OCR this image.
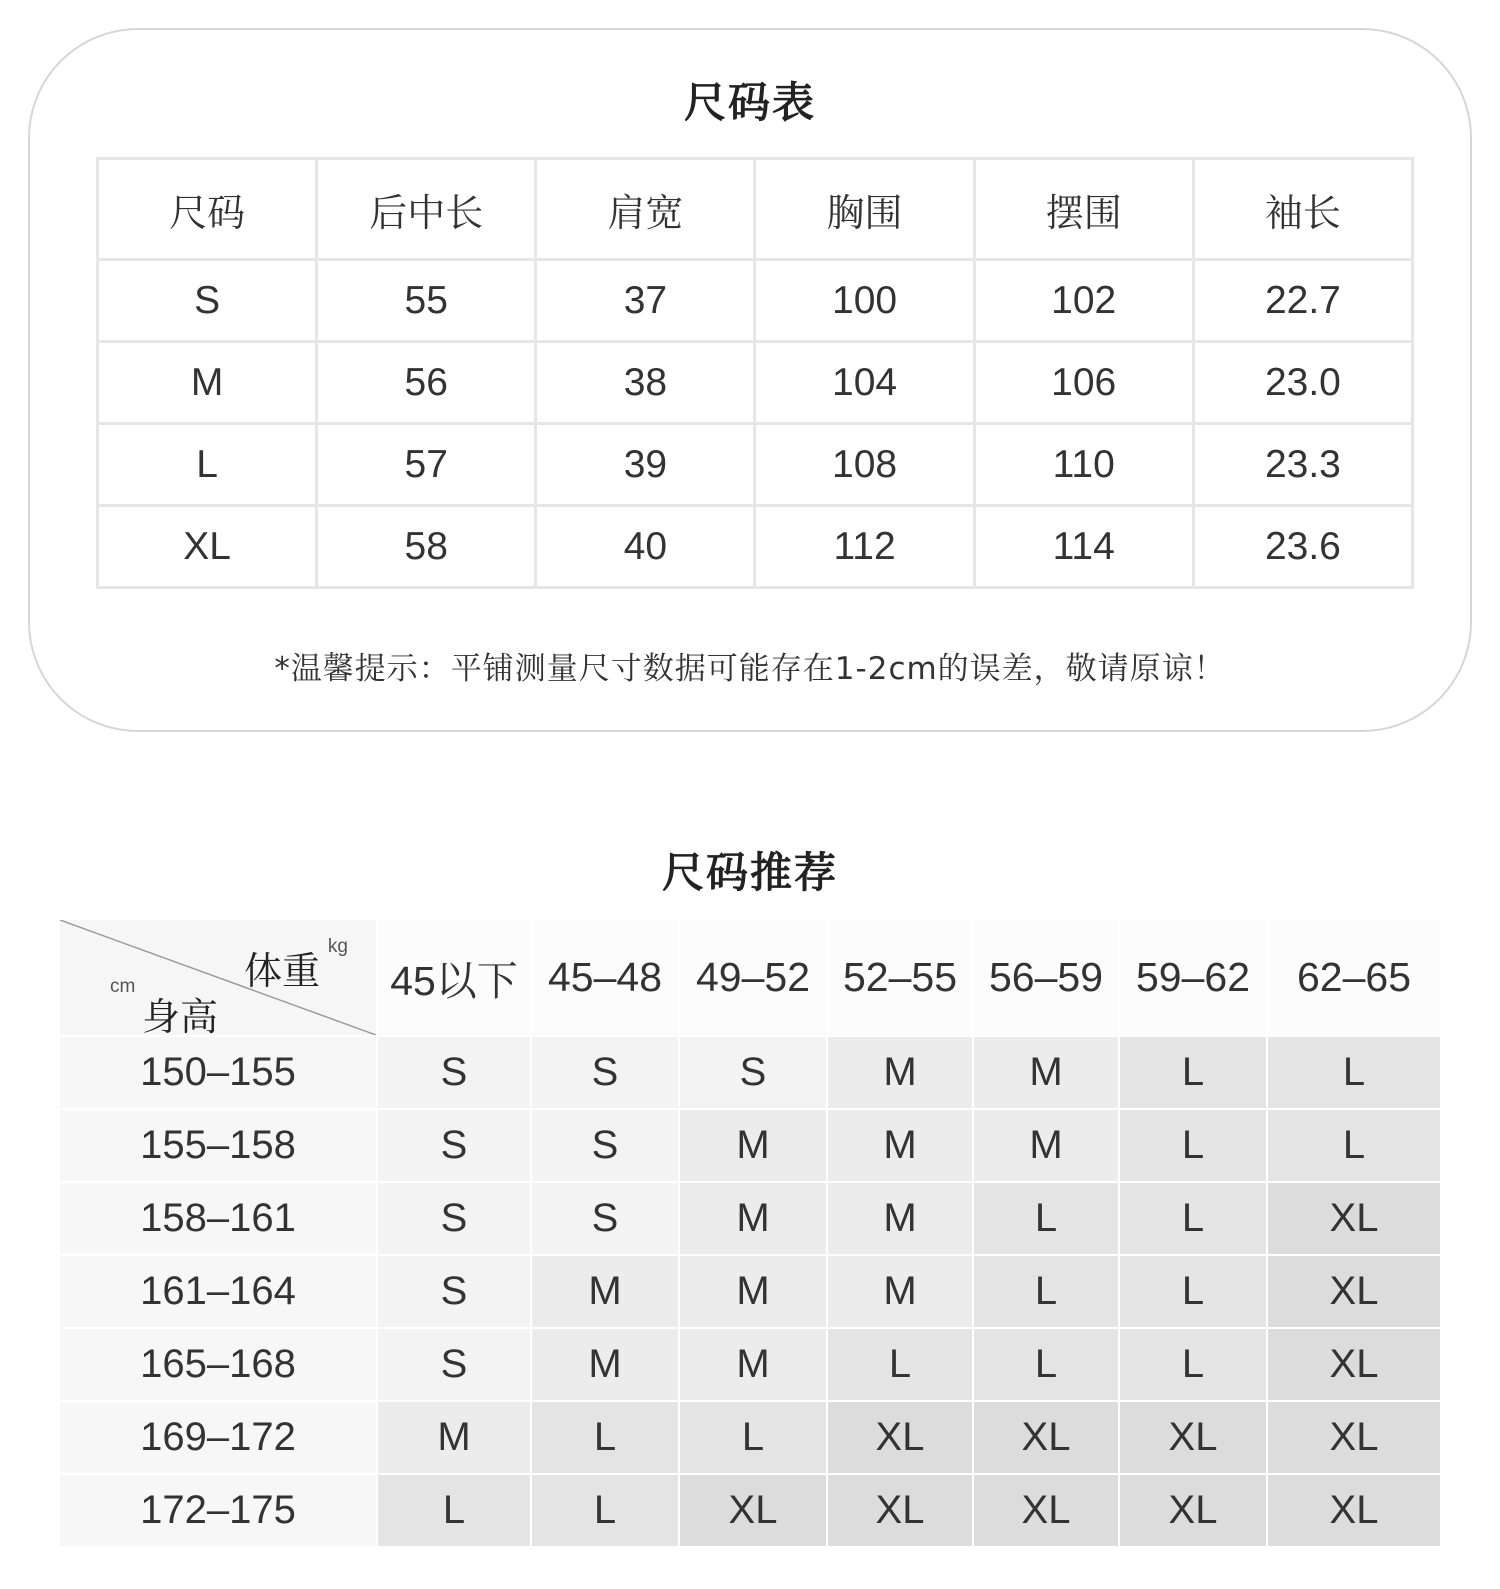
尺码表
尺码	后中长	肩宽	胸围	摆围	袖长
S	55	37	100	102	22.7
M	56	38	104	106	23.0
L	57	39	108	110	23.3
XL	58	40	112	114	23.6
*温馨提示：平铺测量尺寸数据可能存在1-2cm的误差，敬请原谅！
尺码推荐
体重
kg
cm
身高	45以下	45–48	49–52	52–55	56–59	59–62	62–65
150–155	S	S	S	M	M	L	L
155–158	S	S	M	M	M	L	L
158–161	S	S	M	M	L	L	XL
161–164	S	M	M	M	L	L	XL
165–168	S	M	M	L	L	L	XL
169–172	M	L	L	XL	XL	XL	XL
172–175	L	L	XL	XL	XL	XL	XL
